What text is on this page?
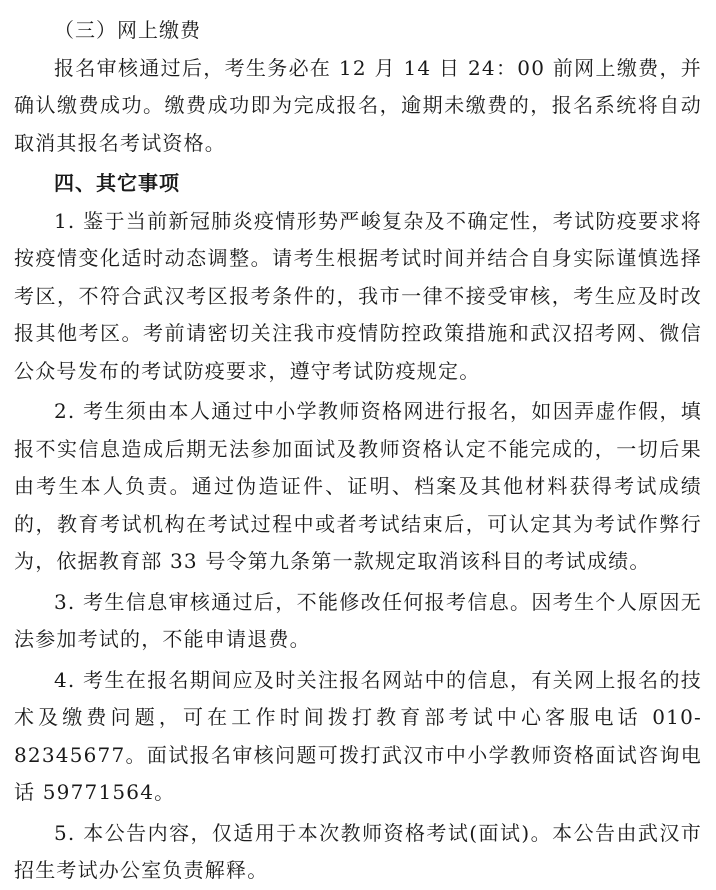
（三）网上缴费

报名审核通过后，考生务必在 12 月 14 日 24：00 前网上缴费，并确认缴费成功。缴费成功即为完成报名，逾期未缴费的，报名系统将自动取消其报名考试资格。

四、其它事项

1. 鉴于当前新冠肺炎疫情形势严峻复杂及不确定性，考试防疫要求将按疫情变化适时动态调整。请考生根据考试时间并结合自身实际谨慎选择考区，不符合武汉考区报考条件的，我市一律不接受审核，考生应及时改报其他考区。考前请密切关注我市疫情防控政策措施和武汉招考网、微信公众号发布的考试防疫要求，遵守考试防疫规定。

2. 考生须由本人通过中小学教师资格网进行报名，如因弄虚作假，填报不实信息造成后期无法参加面试及教师资格认定不能完成的，一切后果由考生本人负责。通过伪造证件、证明、档案及其他材料获得考试成绩的，教育考试机构在考试过程中或者考试结束后，可认定其为考试作弊行为，依据教育部 33 号令第九条第一款规定取消该科目的考试成绩。

3. 考生信息审核通过后，不能修改任何报考信息。因考生个人原因无法参加考试的，不能申请退费。

4. 考生在报名期间应及时关注报名网站中的信息，有关网上报名的技术及缴费问题，可在工作时间拨打教育部考试中心客服电话 010-82345677。面试报名审核问题可拨打武汉市中小学教师资格面试咨询电话 59771564。

5. 本公告内容，仅适用于本次教师资格考试(面试)。本公告由武汉市招生考试办公室负责解释。
